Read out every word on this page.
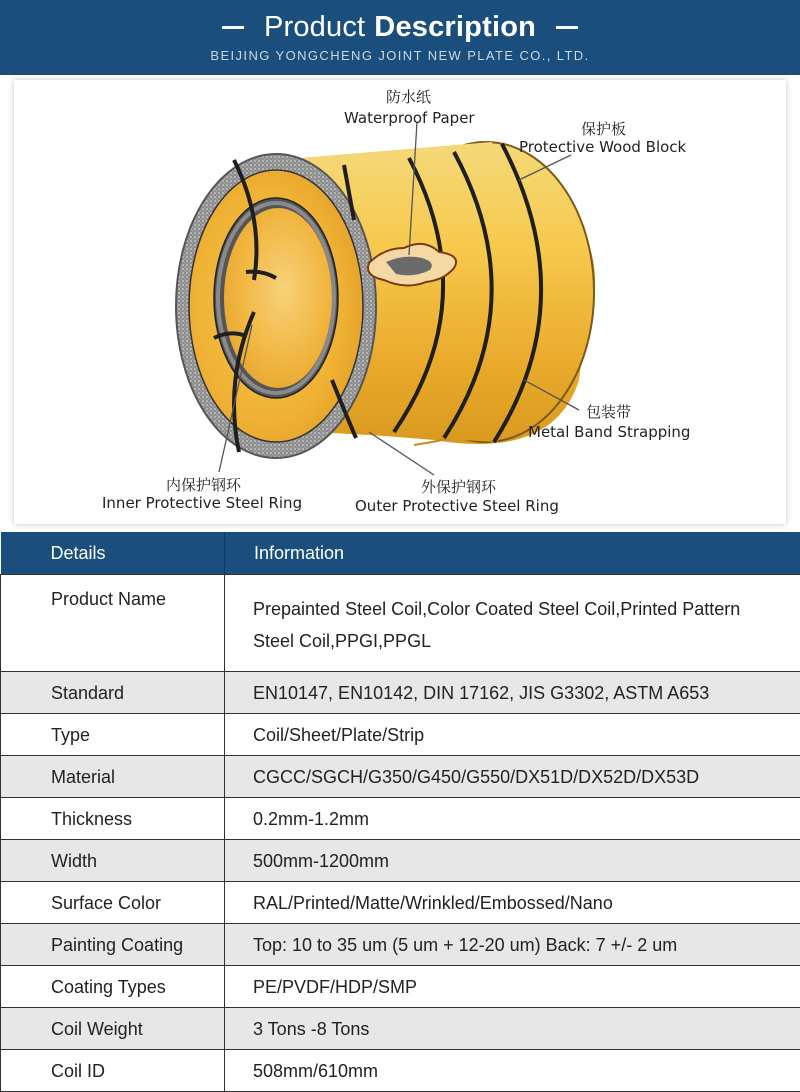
Product Description
BEIJING YONGCHENG JOINT NEW PLATE CO., LTD.
防水纸
Waterproof Paper
保护板
Protective Wood Block
包装带
Metal Band Strapping
内保护钢环
Inner Protective Steel Ring
外保护钢环
Outer Protective Steel Ring
Details	Information
Product Name	Prepainted Steel Coil,Color Coated Steel Coil,Printed Pattern
Steel Coil,PPGI,PPGL

Standard	EN10147, EN10142, DIN 17162, JIS G3302, ASTM A653
Type	Coil/Sheet/Plate/Strip
Material	CGCC/SGCH/G350/G450/G550/DX51D/DX52D/DX53D
Thickness	0.2mm-1.2mm
Width	500mm-1200mm
Surface Color	RAL/Printed/Matte/Wrinkled/Embossed/Nano
Painting Coating	Top: 10 to 35 um (5 um + 12-20 um) Back: 7 +/- 2 um
Coating Types	PE/PVDF/HDP/SMP
Coil Weight	3 Tons -8 Tons
Coil ID	508mm/610mm
